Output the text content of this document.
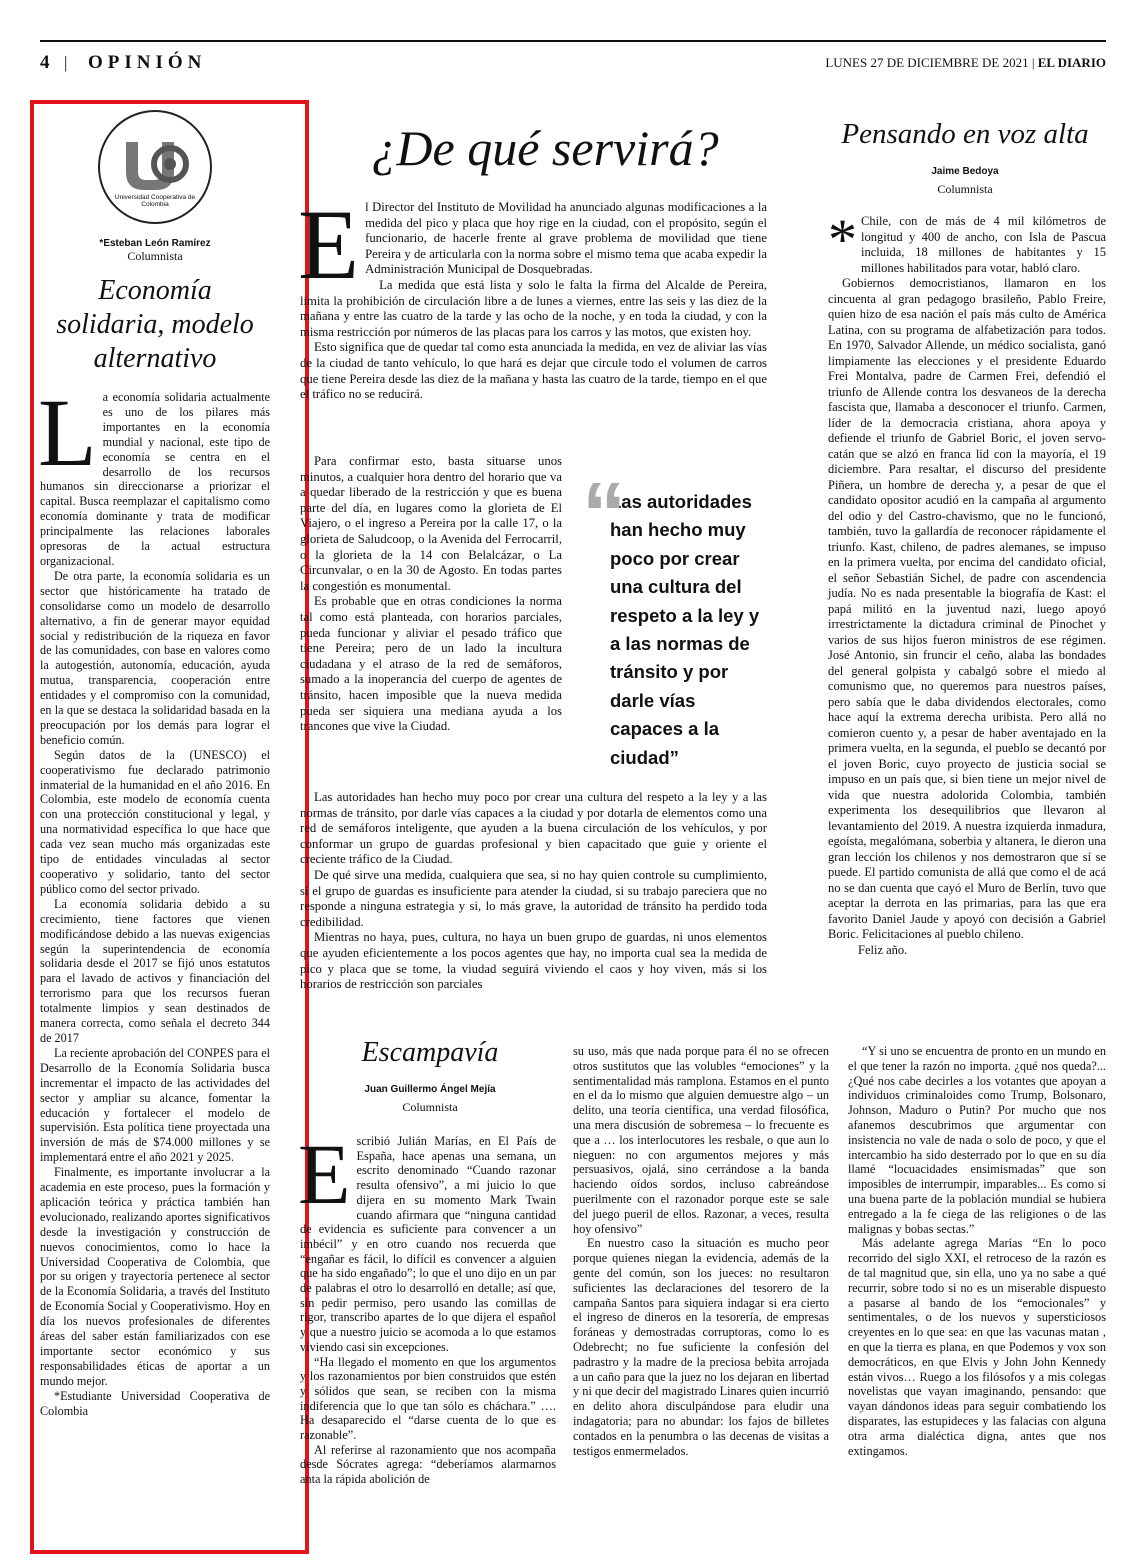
4 | OPINIÓN	LUNES 27 DE DICIEMBRE DE 2021 | EL DIARIO
Universidad Cooperativa de Colombia
*Esteban León Ramírez
Columnista
Economía solidaria, modelo alternativo
L a economía solidaria actualmente es uno de los pilares más importantes en la economía mundial y nacional, este tipo de economía se centra en el desarrollo de los recursos humanos sin direccionarse a priorizar el capital. Busca reemplazar el capitalismo como economía dominante y trata de modificar principalmente las relaciones laborales opresoras de la actual estructura organizacional.

De otra parte, la economía solidaria es un sector que históricamente ha tratado de consolidarse como un modelo de desarrollo alternativo, a fin de generar mayor equidad social y redistribución de la riqueza en favor de las comunidades, con base en valores como la autogestión, autonomía, educación, ayuda mutua, transparencia, cooperación entre entidades y el compromiso con la comunidad, en la que se destaca la solidaridad basada en la preocupación por los demás para lograr el beneficio común.

Según datos de la (UNESCO) el cooperativismo fue declarado patrimonio inmaterial de la humanidad en el año 2016. En Colombia, este modelo de economía cuenta con una protección constitucional y legal, y una normatividad específica lo que hace que cada vez sean mucho más organizadas este tipo de entidades vinculadas al sector cooperativo y solidario, tanto del sector público como del sector privado.

La economía solidaria debido a su crecimiento, tiene factores que vienen modificándose debido a las nuevas exigencias según la superintendencia de economía solidaria desde el 2017 se fijó unos estatutos para el lavado de activos y financiación del terrorismo para que los recursos fueran totalmente limpios y sean destinados de manera correcta, como señala el decreto 344 de 2017

La reciente aprobación del CONPES para el Desarrollo de la Economía Solidaria busca incrementar el impacto de las actividades del sector y ampliar su alcance, fomentar la educación y fortalecer el modelo de supervisión. Esta política tiene proyectada una inversión de más de $74.000 millones y se implementará entre el año 2021 y 2025.

Finalmente, es importante involucrar a la academia en este proceso, pues la formación y aplicación teórica y práctica también han evolucionado, realizando aportes significativos desde la investigación y construcción de nuevos conocimientos, como lo hace la Universidad Cooperativa de Colombia, que por su origen y trayectoria pertenece al sector de la Economía Solidaria, a través del Instituto de Economía Social y Cooperativismo. Hoy en día los nuevos profesionales de diferentes áreas del saber están familiarizados con ese importante sector económico y sus responsabilidades éticas de aportar a un mundo mejor.

*Estudiante Universidad Cooperativa de Colombia

¿De qué servirá?
E l Director del Instituto de Movilidad ha anunciado algunas modificaciones a la medida del pico y placa que hoy rige en la ciudad, con el propósito, según el funcionario, de hacerle frente al grave problema de movilidad que tiene Pereira y de articularla con la norma sobre el mismo tema que acaba expedir la Administración Municipal de Dosquebradas.

La medida que está lista y solo le falta la firma del Alcalde de Pereira, limita la prohibición de circulación libre a de lunes a viernes, entre las seis y las diez de la mañana y entre las cuatro de la tarde y las ocho de la noche, y en toda la ciudad, y con la misma restricción por números de las placas para los carros y las motos, que existen hoy.

Esto significa que de quedar tal como esta anunciada la medida, en vez de aliviar las vías de la ciudad de tanto vehículo, lo que hará es dejar que circule todo el volumen de carros que tiene Pereira desde las diez de la mañana y hasta las cuatro de la tarde, tiempo en el que el tráfico no se reducirá.

Para confirmar esto, basta situarse unos minutos, a cualquier hora dentro del horario que va a quedar liberado de la restricción y que es buena parte del día, en lugares como la glorieta de El Viajero, o el ingreso a Pereira por la calle 17, o la glorieta de Saludcoop, o la Avenida del Ferrocarril, o la glorieta de la 14 con Belalcázar, o La Circunvalar, o en la 30 de Agosto. En todas partes la congestión es monumental.

Es probable que en otras condiciones la norma tal como está planteada, con horarios parciales, pueda funcionar y aliviar el pesado tráfico que tiene Pereira; pero de un lado la incultura ciudadana y el atraso de la red de semáforos, sumado a la inoperancia del cuerpo de agentes de tránsito, hacen imposible que la nueva medida pueda ser siquiera una mediana ayuda a los trancones que vive la Ciudad.

“
Las autoridades han hecho muy poco por crear una cultura del respeto a la ley y a las normas de tránsito y por darle vías capaces a la ciudad”

Las autoridades han hecho muy poco por crear una cultura del respeto a la ley y a las normas de tránsito, por darle vías capaces a la ciudad y por dotarla de elementos como una red de semáforos inteligente, que ayuden a la buena circulación de los vehículos, y por conformar un grupo de guardas profesional y bien capacitado que guie y oriente el creciente tráfico de la Ciudad.

De qué sirve una medida, cualquiera que sea, si no hay quien controle su cumplimiento, si el grupo de guardas es insuficiente para atender la ciudad, si su trabajo pareciera que no responde a ninguna estrategia y si, lo más grave, la autoridad de tránsito ha perdido toda credibilidad.

Mientras no haya, pues, cultura, no haya un buen grupo de guardas, ni unos elementos que ayuden eficientemente a los pocos agentes que hay, no importa cual sea la medida de pico y placa que se tome, la viudad seguirá viviendo el caos y hoy viven, más si los horarios de restricción son parciales

Pensando en voz alta
Jaime Bedoya
Columnista
* Chile, con de más de 4 mil kilómetros de longitud y 400 de ancho, con Isla de Pascua incluida, 18 millones de habitantes y 15 millones habilitados para votar, habló claro.

Gobiernos democristianos, llamaron en los cincuenta al gran pedagogo brasileño, Pablo Freire, quien hizo de esa nación el país más culto de América Latina, con su programa de alfabetización para todos. En 1970, Salvador Allende, un médico socialista, ganó limpiamente las elecciones y el presidente Eduardo Frei Montalva, padre de Carmen Frei, defendió el triunfo de Allende contra los desvaneos de la derecha fascista que, llamaba a desconocer el triunfo. Carmen, líder de la democracia cristiana, ahora apoya y defiende el triunfo de Gabriel Boric, el joven servo-catán que se alzó en franca lid con la mayoría, el 19 diciembre. Para resaltar, el discurso del presidente Piñera, un hombre de derecha y, a pesar de que el candidato opositor acudió en la campaña al argumento del odio y del Castro-chavismo, que no le funcionó, también, tuvo la gallardía de reconocer rápidamente el triunfo. Kast, chileno, de padres alemanes, se impuso en la primera vuelta, por encima del candidato oficial, el señor Sebastián Sichel, de padre con ascendencia judía. No es nada presentable la biografía de Kast: el papá militó en la juventud nazi, luego apoyó irrestrictamente la dictadura criminal de Pinochet y varios de sus hijos fueron ministros de ese régimen. José Antonio, sin fruncir el ceño, alaba las bondades del general golpista y cabalgó sobre el miedo al comunismo que, no queremos para nuestros países, pero sabía que le daba dividendos electorales, como hace aquí la extrema derecha uribista. Pero allá no comieron cuento y, a pesar de haber aventajado en la primera vuelta, en la segunda, el pueblo se decantó por el joven Boric, cuyo proyecto de justicia social se impuso en un país que, si bien tiene un mejor nivel de vida que nuestra adolorida Colombia, también experimenta los desequilibrios que llevaron al levantamiento del 2019. A nuestra izquierda inmadura, egoísta, megalómana, soberbia y altanera, le dieron una gran lección los chilenos y nos demostraron que sí se puede. El partido comunista de allá que como el de acá no se dan cuenta que cayó el Muro de Berlín, tuvo que aceptar la derrota en las primarias, para las que era favorito Daniel Jaude y apoyó con decisión a Gabriel Boric. Felicitaciones al pueblo chileno.

Feliz año.

Escampavía
Juan Guillermo Ángel Mejía
Columnista
E scribió Julián Marías, en El País de España, hace apenas una semana, un escrito denominado “Cuando razonar resulta ofensivo”, a mi juicio lo que dijera en su momento Mark Twain cuando afirmara que “ninguna cantidad de evidencia es suficiente para convencer a un imbécil” y en otro cuando nos recuerda que “engañar es fácil, lo difícil es convencer a alguien que ha sido engañado”; lo que el uno dijo en un par de palabras el otro lo desarrolló en detalle; así que, sin pedir permiso, pero usando las comillas de rigor, transcribo apartes de lo que dijera el español y que a nuestro juicio se acomoda a lo que estamos viviendo casi sin excepciones.

“Ha llegado el momento en que los argumentos y los razonamientos por bien construidos que estén y sólidos que sean, se reciben con la misma indiferencia que lo que tan sólo es cháchara.” …. Ha desaparecido el “darse cuenta de lo que es razonable”.

Al referirse al razonamiento que nos acompaña desde Sócrates agrega: “deberíamos alarmarnos anta la rápida abolición de

su uso, más que nada porque para él no se ofrecen otros sustitutos que las volubles “emociones” y la sentimentalidad más ramplona. Estamos en el punto en el da lo mismo que alguien demuestre algo – un delito, una teoría científica, una verdad filosófica, una mera discusión de sobremesa – lo frecuente es que a … los interlocutores les resbale, o que aun lo nieguen: no con argumentos mejores y más persuasivos, ojalá, sino cerrándose a la banda haciendo oídos sordos, incluso cabreándose puerilmente con el razonador porque este se sale del juego pueril de ellos. Razonar, a veces, resulta hoy ofensivo”

En nuestro caso la situación es mucho peor porque quienes niegan la evidencia, además de la gente del común, son los jueces: no resultaron suficientes las declaraciones del tesorero de la campaña Santos para siquiera indagar si era cierto el ingreso de dineros en la tesorería, de empresas foráneas y demostradas corruptoras, como lo es Odebrecht; no fue suficiente la confesión del padrastro y la madre de la preciosa bebita arrojada a un caño para que la juez no los dejaran en libertad y ni que decir del magistrado Linares quien incurrió en delito ahora disculpándose para eludir una indagatoria; para no abundar: los fajos de billetes contados en la penumbra o las decenas de visitas a testigos enmermelados.

“Y si uno se encuentra de pronto en un mundo en el que tener la razón no importa. ¿qué nos queda?... ¿Qué nos cabe decirles a los votantes que apoyan a individuos criminaloides como Trump, Bolsonaro, Johnson, Maduro o Putin? Por mucho que nos afanemos descubrimos que argumentar con insistencia no vale de nada o solo de poco, y que el intercambio ha sido desterrado por lo que en su día llamé “locuacidades ensimismadas” que son imposibles de interrumpir, imparables... Es como si una buena parte de la población mundial se hubiera entregado a la fe ciega de las religiones o de las malignas y bobas sectas.”

Más adelante agrega Marías “En lo poco recorrido del siglo XXI, el retroceso de la razón es de tal magnitud que, sin ella, uno ya no sabe a qué recurrir, sobre todo si no es un miserable dispuesto a pasarse al bando de los “emocionales” y sentimentales, o de los nuevos y supersticiosos creyentes en lo que sea: en que las vacunas matan , en que la tierra es plana, en que Podemos y vox son democráticos, en que Elvis y John John Kennedy están vivos… Ruego a los filósofos y a mis colegas novelistas que vayan imaginando, pensando: que vayan dándonos ideas para seguir combatiendo los disparates, las estupideces y las falacias con alguna otra arma dialéctica digna, antes que nos extingamos.
